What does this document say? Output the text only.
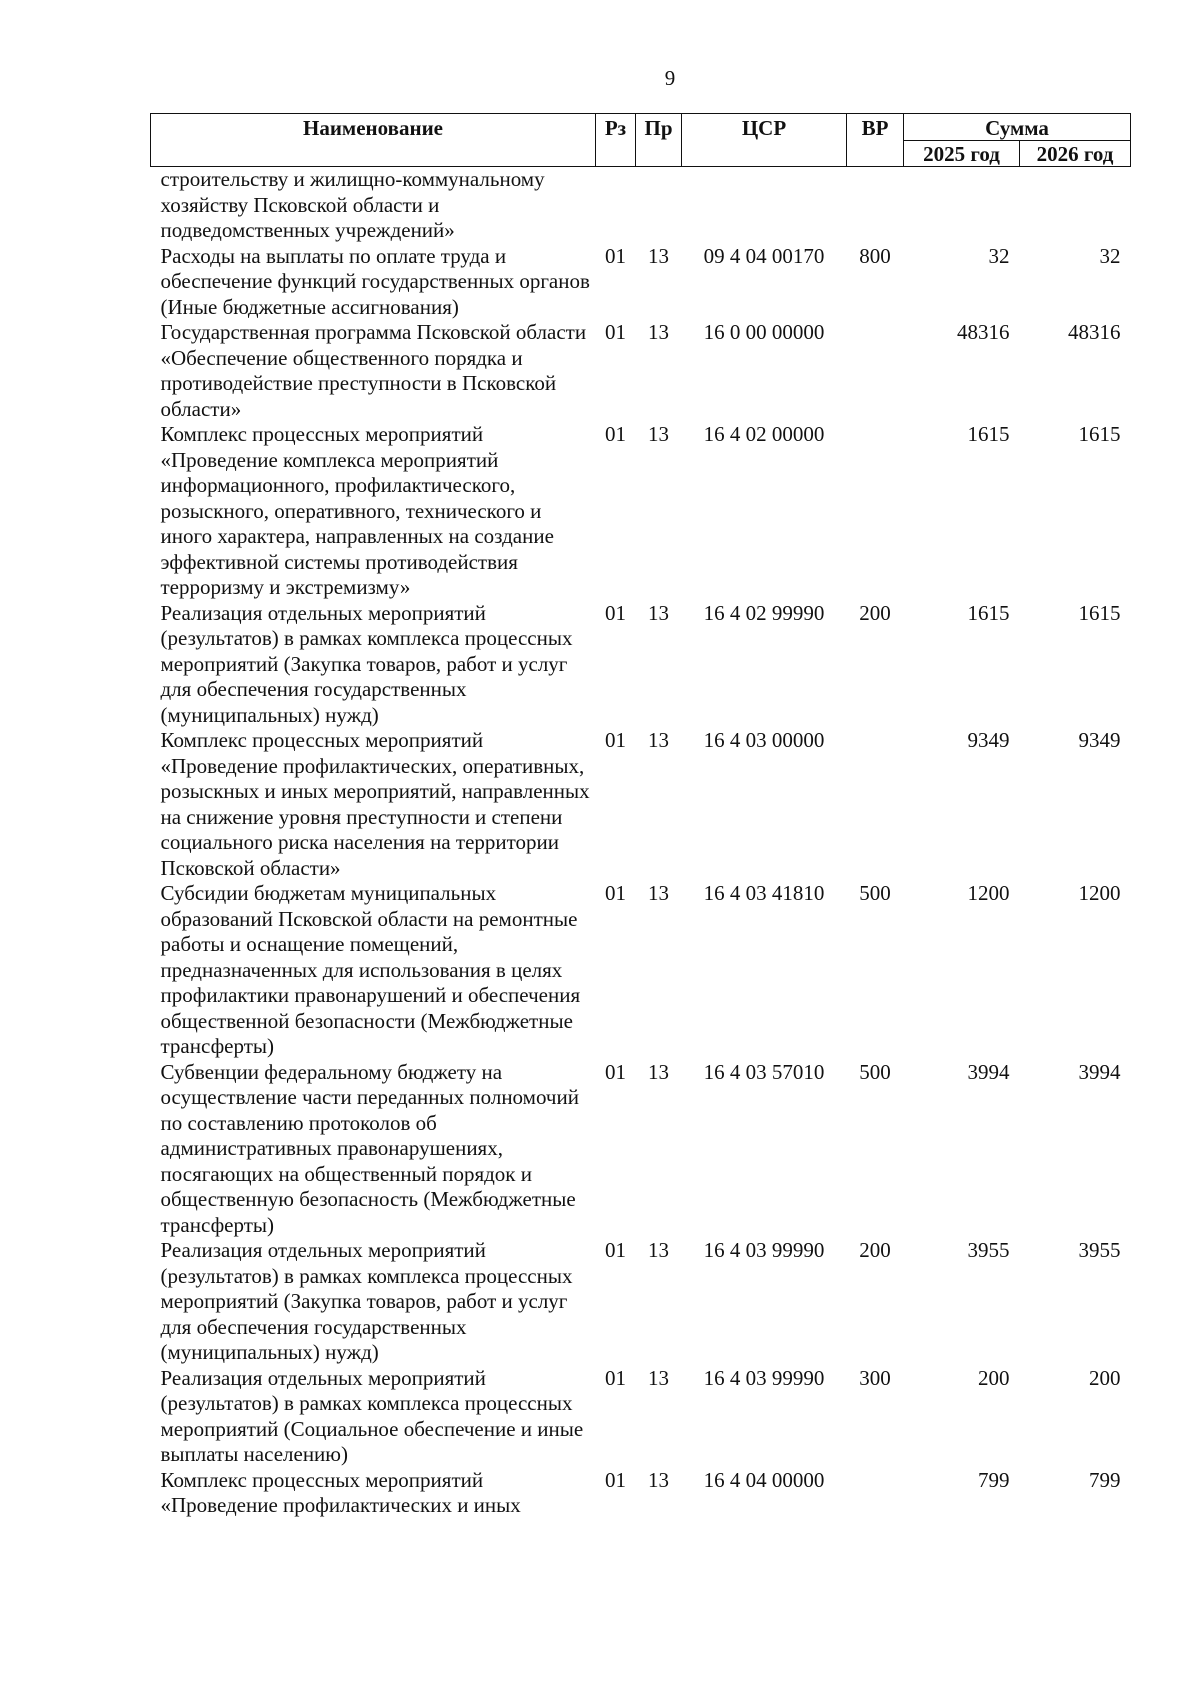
9
Наименование	Рз	Пр	ЦСР	ВР	Сумма	
					2025 год	2026 год
строительству и жилищно-коммунальному хозяйству Псковской области и подведомственных учреждений»						
Расходы на выплаты по оплате труда и обеспечение функций государственных органов (Иные бюджетные ассигнования)	01	13	09 4 04 00170	800	32	32
Государственная программа Псковской области «Обеспечение общественного порядка и противодействие преступности в Псковской области»	01	13	16 0 00 00000		48316	48316
Комплекс процессных мероприятий «Проведение комплекса мероприятий информационного, профилактического, розыскного, оперативного, технического и иного характера, направленных на создание эффективной системы противодействия терроризму и экстремизму»	01	13	16 4 02 00000		1615	1615
Реализация отдельных мероприятий (результатов) в рамках комплекса процессных мероприятий (Закупка товаров, работ и услуг для обеспечения государственных (муниципальных) нужд)	01	13	16 4 02 99990	200	1615	1615
Комплекс процессных мероприятий «Проведение профилактических, оперативных, розыскных и иных мероприятий, направленных на снижение уровня преступности и степени социального риска населения на территории Псковской области»	01	13	16 4 03 00000		9349	9349
Субсидии бюджетам муниципальных образований Псковской области на ремонтные работы и оснащение помещений, предназначенных для использования в целях профилактики правонарушений и обеспечения общественной безопасности (Межбюджетные трансферты)	01	13	16 4 03 41810	500	1200	1200
Субвенции федеральному бюджету на осуществление части переданных полномочий по составлению протоколов об административных правонарушениях, посягающих на общественный порядок и общественную безопасность (Межбюджетные трансферты)	01	13	16 4 03 57010	500	3994	3994
Реализация отдельных мероприятий (результатов) в рамках комплекса процессных мероприятий (Закупка товаров, работ и услуг для обеспечения государственных (муниципальных) нужд)	01	13	16 4 03 99990	200	3955	3955
Реализация отдельных мероприятий (результатов) в рамках комплекса процессных мероприятий (Социальное обеспечение и иные выплаты населению)	01	13	16 4 03 99990	300	200	200
Комплекс процессных мероприятий «Проведение профилактических и иных	01	13	16 4 04 00000		799	799
